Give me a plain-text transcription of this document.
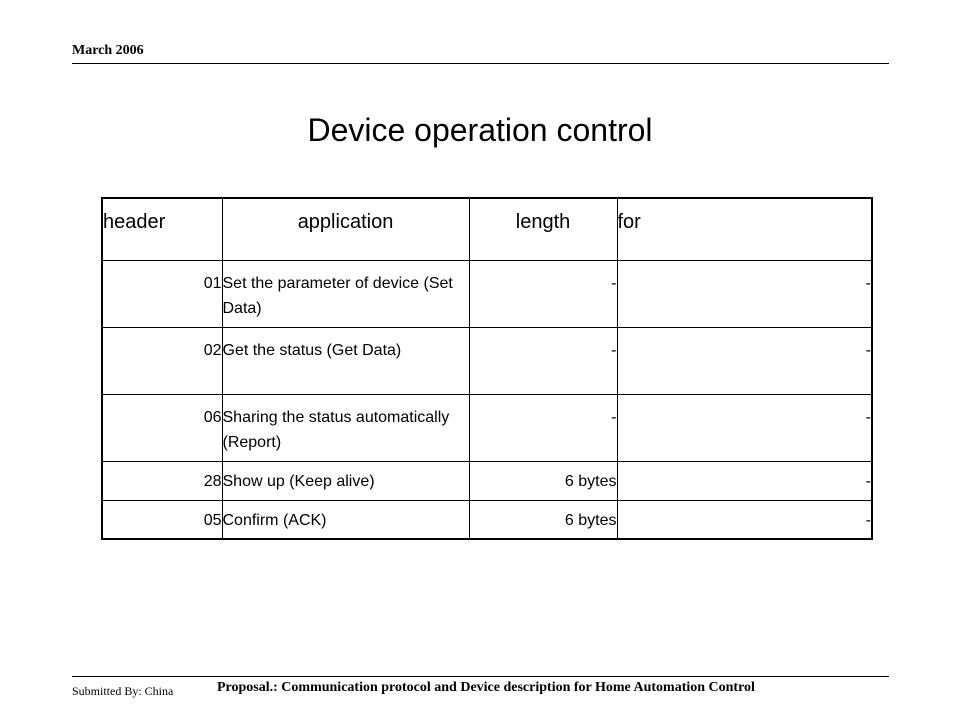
March 2006
Device operation control
header	application	length	for
01	Set the parameter of device (Set Data)	-	-
02	Get the status (Get Data)	-	-
06	Sharing the status automatically (Report)	-	-
28	Show up (Keep alive)	6 bytes	-
05	Confirm (ACK)	6 bytes	-
Submitted By: China	Proposal.: Communication protocol and Device description for Home Automation Control
